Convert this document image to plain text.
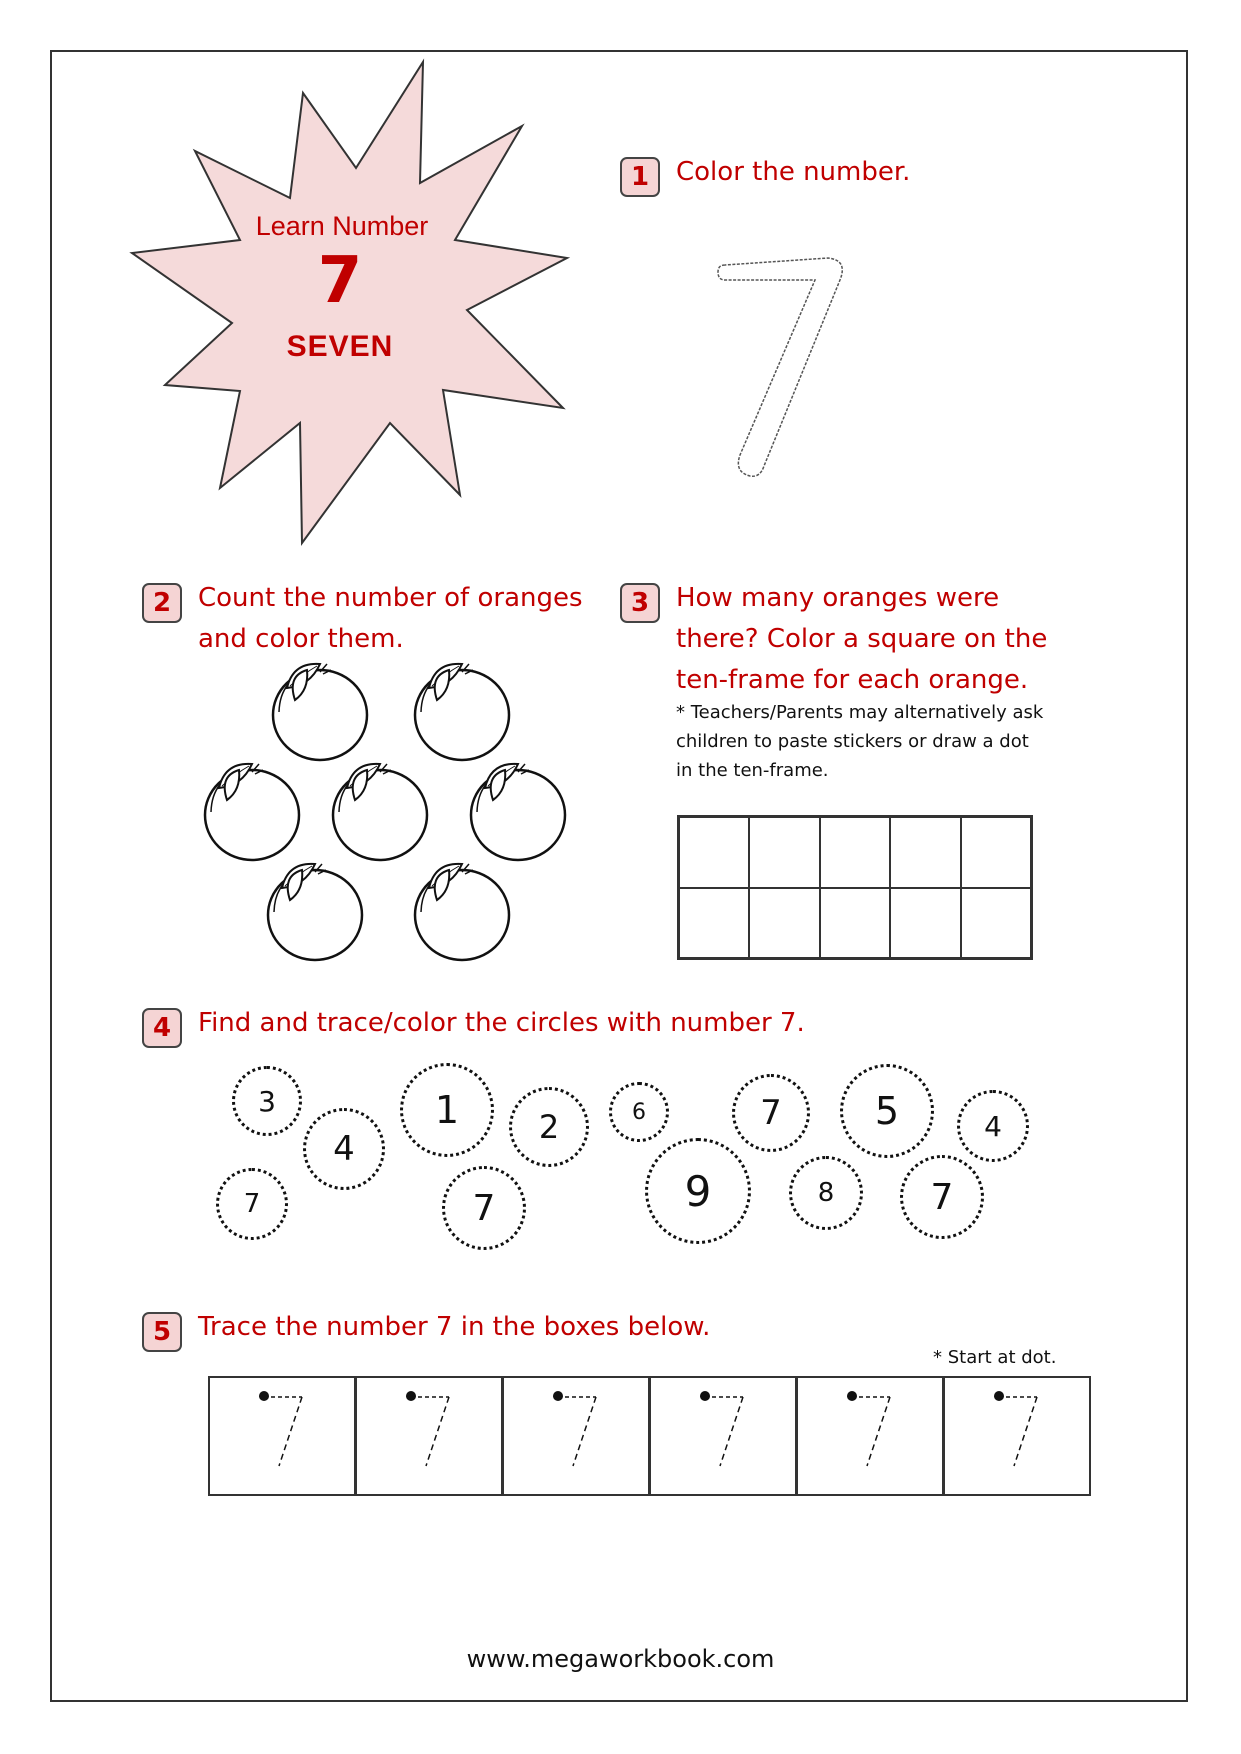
Learn Number
7
SEVEN
1	Color the number.
2	Count the number of oranges
and color them.
3	How many oranges were
there? Color a square on the
ten-frame for each orange.
* Teachers/Parents may alternatively ask
children to paste stickers or draw a dot
in the ten-frame.
4	Find and trace/color the circles with number 7.
3
4
7
1
7
2	6
9
7
8
5
7
4
5	Trace the number 7 in the boxes below.
* Start at dot.
www.megaworkbook.com
